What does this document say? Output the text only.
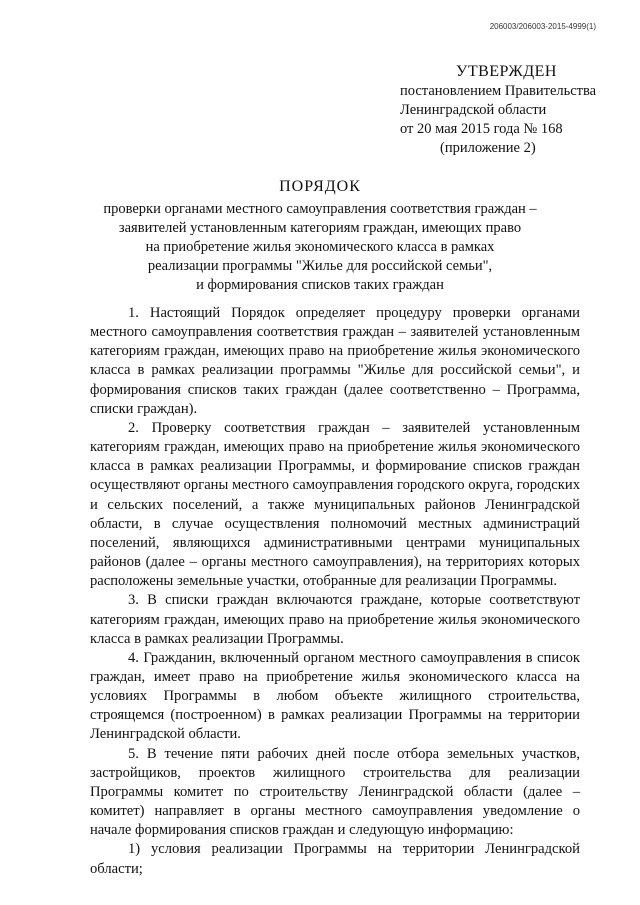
206003/206003-2015-4999(1)
УТВЕРЖДЕН
постановлением Правительства
Ленинградской области
от 20 мая 2015 года № 168
(приложение 2)
ПОРЯДОК
проверки органами местного самоуправления соответствия граждан –
заявителей установленным категориям граждан, имеющих право
на приобретение жилья экономического класса в рамках
реализации программы "Жилье для российской семьи",
и формирования списков таких граждан

1. Настоящий Порядок определяет процедуру проверки органами местного самоуправления соответствия граждан – заявителей установленным категориям граждан, имеющих право на приобретение жилья экономического класса в рамках реализации программы "Жилье для российской семьи", и формирования списков таких граждан (далее соответственно – Программа, списки граждан).

2. Проверку соответствия граждан – заявителей установленным категориям граждан, имеющих право на приобретение жилья экономического класса в рамках реализации Программы, и формирование списков граждан осуществляют органы местного самоуправления городского округа, городских и сельских поселений, а также муниципальных районов Ленинградской области, в случае осуществления полномочий местных администраций поселений, являющихся административными центрами муниципальных районов (далее – органы местного самоуправления), на территориях которых расположены земельные участки, отобранные для реализации Программы.

3. В списки граждан включаются граждане, которые соответствуют категориям граждан, имеющих право на приобретение жилья экономического класса в рамках реализации Программы.

4. Гражданин, включенный органом местного самоуправления в список граждан, имеет право на приобретение жилья экономического класса на условиях Программы в любом объекте жилищного строительства, строящемся (построенном) в рамках реализации Программы на территории Ленинградской области.

5. В течение пяти рабочих дней после отбора земельных участков, застройщиков, проектов жилищного строительства для реализации Программы комитет по строительству Ленинградской области (далее – комитет) направляет в органы местного самоуправления уведомление о начале формирования списков граждан и следующую информацию:

1) условия реализации Программы на территории Ленинградской области;
